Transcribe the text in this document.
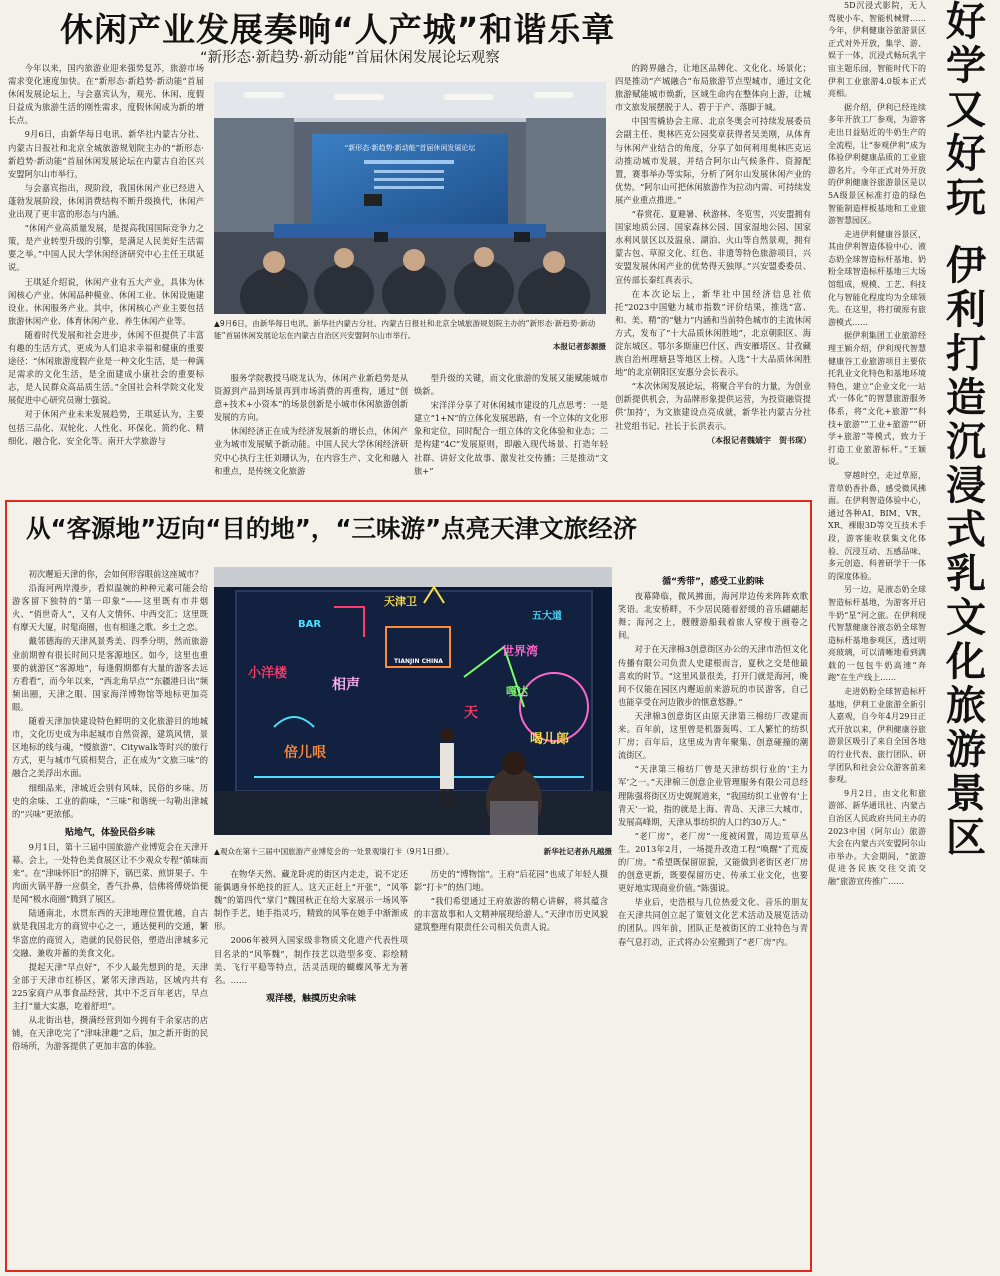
休闲产业发展奏响“人产城”和谐乐章
“新形态·新趋势·新动能”首届休闲发展论坛观察

今年以来，国内旅游业迎来强势复苏，旅游市场需求变化速度加快。在“新形态·新趋势·新动能”首届休闲发展论坛上，与会嘉宾认为，观光、休闲、度假日益成为旅游生活的刚性需求，度假休闲成为新的增长点。

9月6日，由新华每日电讯、新华社内蒙古分社、内蒙古日报社和北京全城旅游规划院主办的“新形态·新趋势·新动能”首届休闲发展论坛在内蒙古自治区兴安盟阿尔山市举行。

与会嘉宾指出，现阶段，我国休闲产业已经进入蓬勃发展阶段，休闲消费结构不断升级换代，休闲产业出现了更丰富的形态与内涵。

“休闲产业高质量发展，是提高我国国际竞争力之策，是产业转型升级的引擎，是满足人民美好生活需要之举。”中国人民大学休闲经济研究中心主任王琪延说。

王琪延介绍说，休闲产业有五大产业，具体为休闲核心产业、休闲品种模业、休闲工业、休闲设施建设业、休闲服务产业。其中，休闲核心产业主要包括旅游休闲产业、体育休闲产业、养生休闲产业等。

随着时代发展和社会进步，休闲不但提供了丰富有趣的生活方式，更成为人们追求幸福和健康的重要途径：“休闲旅游度假产业是一种文化生活，是一种满足需求的文化生活，是全面建成小康社会的重要标志，是人民群众高品质生活。”全国社会科学院文化发展促进中心研究员谢士强说。

对于休闲产业未来发展趋势，王琪延认为，主要包括三品化、双轮化、人性化、环保化、简约化、精细化、融合化、安全化等。南开大学旅游与

“新形态·新趋势·新动能”首届休闲发展论坛
▲9月6日，由新华每日电讯、新华社内蒙古分社、内蒙古日报社和北京全城旅游规划院主办的“新形态·新趋势·新动能”首届休闲发展论坛在内蒙古自治区兴安盟阿尔山市举行。
本报记者彭源摄

服务学院教授马晓龙认为，休闲产业新趋势是从资源到产品到场景再到市场消费的再重构，通过“创意+技术+小资本”的场景创新是小城市休闲旅游创新发展的方向。

休闲经济正在成为经济发展新的增长点，休闲产业为城市发展赋予新动能。中国人民大学休闲经济研究中心执行主任刘珊认为，在内容生产、文化和融入和重点，是传统文化旅游

型升级的关键，而文化旅游的发展又能赋能城市焕新。

宋洋洋分享了对休闲城市建设的几点思考：一是建立“1+N”的立体化发展思路，有一个立体的文化形象和定位，同时配合一组立体的文化体验和业态；二是构建“4C”发展原则，即融入现代场景、打造年轻社群、讲好文化故事、激发社交传播；三是推动“文旅+”

的跨界融合，让地区品牌化、文化化、场景化；四是推动“产城融合”布局旅游节点型城市，通过文化旅游赋能城市焕新，区域生命内在整体向上游，让城市文旅发展摆脱于人、碧于于产、落脚于城。

中国雪橇协会主席、北京冬奥会可持续发展委员会副主任、奥林匹克公园奖章获得者吴美刚，从体育与休闲产业结合的角度，分享了如何利用奥林匹克运动推动城市发展，并结合阿尔山气候条件、资源配置，赛事举办等实际，分析了阿尔山发展休闲产业的优势。“阿尔山可把休闲旅游作为拉动内需、可持续发展产业重点推进。”

“春赏花、夏避暑、秋游林、冬览雪，兴安盟拥有国家地质公园、国家森林公园、国家湿地公园、国家水利风景区以及温泉、湖泊、火山等自然景观，拥有蒙古包、草原文化、红色、非遗等特色旅游项目，兴安盟发展休闲产业的优势得天独厚。”兴安盟委委员、宣传部长秦红真表示。

在本次论坛上，新华社中国经济信息社依托“2023中国魅力城市指数”评价结果，推选“富、和、美、精”的“魅力”内涵和当前特色城市的主流休闲方式，发布了“十大品质休闲胜地”，北京朝阳区、海淀东城区、鄂尔多斯康巴什区、西安雁塔区、甘孜藏族自治州理塘县等地区上榜。入选“十大品质休闲胜地”的北京朝阳区安惠分会长表示。

“本次休闲发展论坛，将聚合平台的力量，为创业创新提供机会，为品牌形象提供运营，为投资融资提供‘加持’，为文旅建设点亮成就，新华社内蒙古分社社党组书记、社长于长洪表示。

（本报记者魏婧宇　贺书琛）

从“客源地”迈向“目的地”，“三味游”点亮天津文旅经济

初次邂逅天津的你，会如何形容眼前这座城市？

沿海河两岸漫步，看似温婉的种种元素可能会给游客留下独特的“第一印象”——这里既有市井烟火、“俏世奇人”，又有人文情怀、中西交汇；这里既有摩天大厦，时髦商圈，也有相逢之歌、乡土之恋。

戴邻德海的天津风景秀美、四季分明，然而旅游业前期曾有很长时间只是客源地区。如今，这里也重要的就游区“客源地”，每逢假期都有大量的游客去远方看看”，而今年以来，“西北角早点”“东疆港日出”频频出圈，天津之眼、国家海洋博物馆等地标更加亮眼。

随着天津加快建设特色鲜明的文化旅游目的地城市，文化历史成为串起城市自然资源，建筑风情，景区地标的线与魂，“慢旅游”、Citywalk等时兴的旅行方式，更与城市气质相契合，正在成为“文旅三味”的融合之美浮出水面。

细细品来，津城近会别有风味，民俗的乡味、历史的余味、工业的韵味，“三味”和谐统一勾勒出津城的“兴味”更浓郁。

贴地气，体验民俗乡味

9月1日，第十三届中国旅游产业博览会在天津开幕。会上，一处特色美食展区让不少观众专程“循味而来”。在“津味怀旧”的招牌下，锅巴菜、煎饼果子、牛肉面火锅平静一应俱全，香气扑鼻，信佛将傅烧馅便是闻“极水商圈”腾到了展区。

陆通南北，水贯东西的天津地理位置优越，自古就是我国北方的商贸中心之一，通达便利的交通，繁华富庶的商贸入，造就的民俗民俗，塑造出津城多元交融、兼收并蓄的美食文化。

提起天津“早点好”，不少人最先想到的是，天津全部于天津市红桥区，紧邻天津西站，区域内共有225家商户从事食品经营，其中不乏百年老店，早点主打“量大实惠，吃着舒坦”。

从北街出巷，攒满经营到如今拥有千余家店的店铺，在天津吃完了“津味津趣”之后，加之新开街的民俗场所，为游客提供了更加丰富的体验。

天津卫
BAR
五大道
世界湾
小洋楼
相声	嘎达
喝儿郎
倍儿哏
天
TIANJIN CHINA
▲观众在第十三届中国旅游产业博览会的一处景观墙打卡（9月1日摄）。	新华社记者孙凡越摄

在物华天然、藏龙卧虎的街区内走走，说不定还能偶遇身怀绝技的匠人。这天正赶上“开张”，“风筝魏”的第四代“掌门”魏国秋正在给大家展示一场风筝制作手艺，她手指灵巧，精致的风筝在她手中渐渐成形。

2006年被列入国家级非物质文化遗产代表性项目名录的“风筝魏”，制作技艺以造型多变、彩绘精美、飞行平稳等特点，活灵活现的蝴蝶风筝尤为著名。……

观洋楼，触摸历史余味

历史的“博物馆”。王府“后花园”也成了年轻人摄影“打卡”的热门地。

“我们希望通过王府旅游的精心讲解，将其蕴含的丰富故事和人文精神展现给游人。”天津市历史风貌建筑整理有限责任公司相关负责人说。

循“秀带”，感受工业韵味

夜幕降临，微风拂面，海河岸边传来阵阵欢歌笑语。北安桥畔，不少居民随着舒缓的音乐翩翩起舞；海河之上，艘艘游船载着旅人穿梭于画卷之间。

对于在天津棉3创意街区办公的天津市浩恒文化传播有限公司负责人史建根而言，夏秋之交是他最喜欢的时节。“这里风景很美，打开门就是海河，晚间不仅能在园区内邂逅前来游玩的市民游客，自己也能享受在河边散步的惬意悠静。”

天津棉3创意街区由原天津第三棉纺厂改建而来。百年前，这里曾是机器轰鸣、工人繁忙的纺织厂房；百年后，这里成为青年聚集、创意碰撞的潮流街区。

“天津第三棉纺厂曾是天津纺织行业的‘主力军’之一。”天津棉三创意企业管理服务有限公司总经理陈强将街区历史娓娓道来，“我国纺织工业曾有‘上青天’一说，指的就是上海、青岛、天津三大城市，发展高峰期，天津从事纺织的人口约30万人。”

“老厂房”，老厂房”一度被闲置，周边荒草丛生。2013年2月，一场提升改造工程“唤醒”了荒废的厂房。“希望既保留原貌，又能做到老街区老厂房的创意更新，既要保留历史、传承工业文化，也要更好地实现商业价值。”陈强说。

毕业后，史浩根与几位热爱文化、音乐的朋友在天津共同创立起了策划文化艺术活动及展览活动的团队。四年前，团队正是被街区的工业特色与青春气息打动，正式将办公室搬到了“老厂房”内。

5D沉浸式影院，无人驾驶小车、智能机械臂……今年，伊利健康谷旅游景区正式对外开放，集学、游、娱于一体，沉浸式畅玩乳宇宙主题乐园，智能时代下的伊利工业旅游4.0版本正式亮相。

据介绍，伊利已经连续多年开放工厂参观，为游客走出日益贴近的牛奶生产的全流程，让“参观伊利”成为体验伊利健康品质的工业旅游名片。今年正式对外开放的伊利健康谷旅游景区是以5A级景区标准打造的绿色智能制造样板基地和工业旅游智慧园区。

走进伊利健康谷景区，其由伊利智造体验中心、液态奶全球智造标杆基地、奶粉全球智造标杆基地三大场馆组成，规模、工艺、科技化与智能化程度均为全球领先。在这里，将打破原有旅游模式……

据伊利集团工业旅游经理王颖介绍，伊利现代智慧健康谷工业旅游项目主要依托乳业文化特色和基地环境特色，建立“企业文化·一站式·一体化”的智慧旅游服务体系，将“文化+旅游”“科技+旅游”“工业+旅游”“研学+旅游”等模式，致力于打造工业旅游标杆。”王颖说。

穿越时空，走过草原，青草奶香扑鼻，感受微风拂面。在伊利智造体验中心，通过各种AI、BIM、VR、XR、裸眼3D等交互技术手段，游客能收获集文化体验、沉浸互动、五感品味、多元创造、科普研学于一体的深度体验。

另一边，是液态奶全球智造标杆基地，为游客开启牛奶“星”河之旅。在伊利现代智慧健康谷液态奶全球智造标杆基地参观区，透过明亮玻璃，可以清晰地看到满载的一包包牛奶高速“奔跑”在生产线上……

走进奶粉全球智造标杆基地，伊利工业旅游全新引人嘉观，自今年4月29日正式开放以来，伊利健康谷旅游景区吸引了来自全国各地的行业代表、旅行团队、研学团队和社会公众游客前来参观。

9月2日，由文化和旅游部、新华通讯社、内蒙古自治区人民政府共同主办的2023中国（阿尔山）旅游大会在内蒙古兴安盟阿尔山市举办。大会期间，“旅游促进各民族交往交流交融”旅游宣传推广……

好
学
又
好
玩
伊
利
打
造
沉
浸
式
乳
文
化
旅
游
景
区
